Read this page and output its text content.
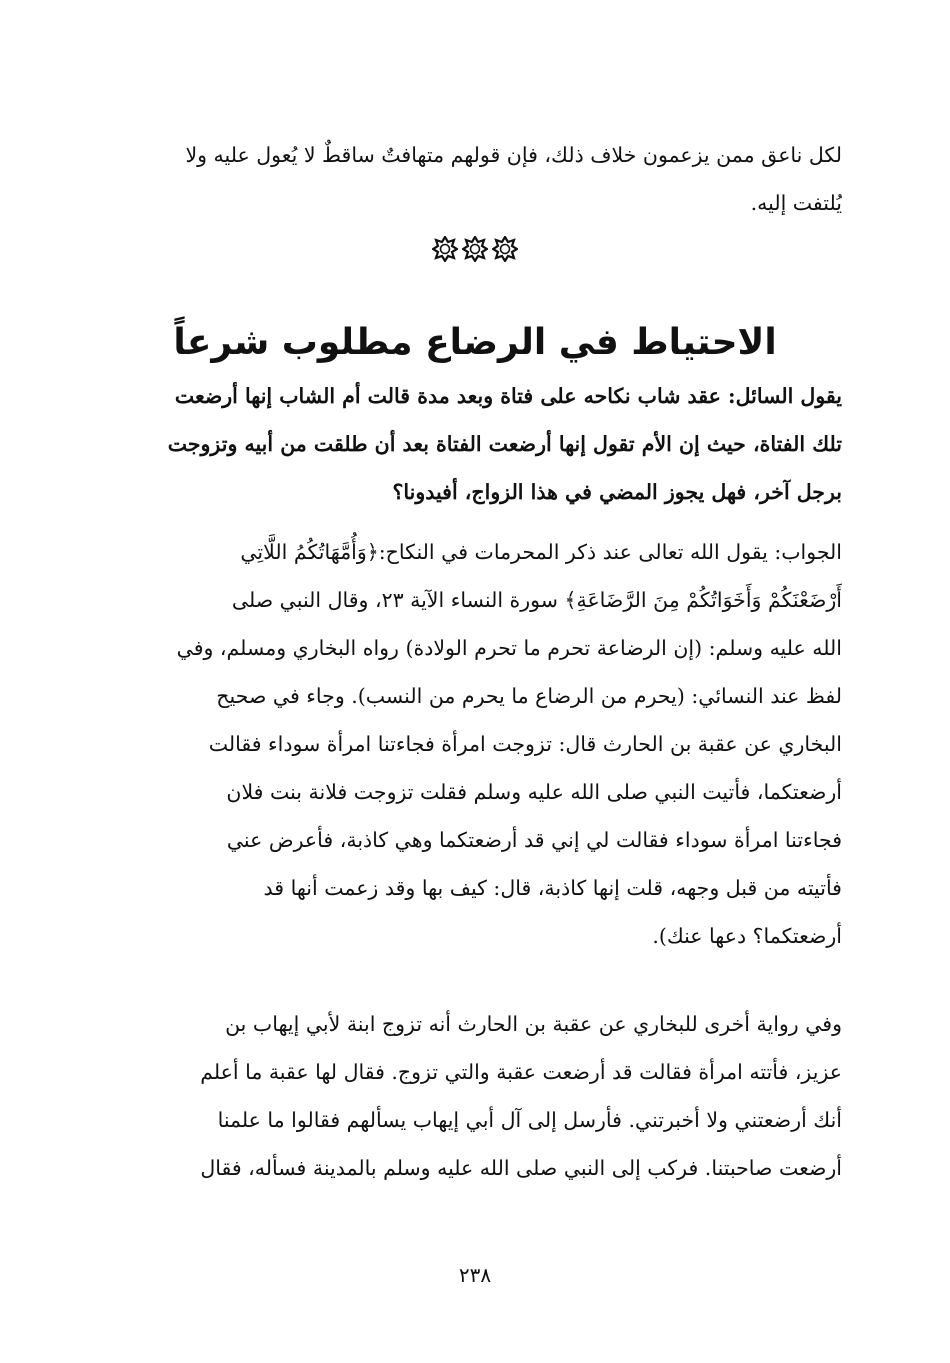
لكل ناعق ممن يزعمون خلاف ذلك، فإن قولهم متهافتٌ ساقطٌ لا يُعول عليه ولا
يُلتفت إليه.
الاحتياط في الرضاع مطلوب شرعاً
يقول السائل: عقد شاب نكاحه على فتاة وبعد مدة قالت أم الشاب إنها أرضعت
تلك الفتاة، حيث إن الأم تقول إنها أرضعت الفتاة بعد أن طلقت من أبيه وتزوجت
برجل آخر، فهل يجوز المضي في هذا الزواج، أفيدونا؟
الجواب: يقول الله تعالى عند ذكر المحرمات في النكاح:﴿وَأُمَّهَاتُكُمُ اللَّاتِي
أَرْضَعْنَكُمْ وَأَخَوَاتُكُمْ مِنَ الرَّضَاعَةِ﴾ سورة النساء الآية ٢٣، وقال النبي صلى
الله عليه وسلم: (إن الرضاعة تحرم ما تحرم الولادة) رواه البخاري ومسلم، وفي
لفظ عند النسائي: (يحرم من الرضاع ما يحرم من النسب). وجاء في صحيح
البخاري عن عقبة بن الحارث قال: تزوجت امرأة فجاءتنا امرأة سوداء فقالت
أرضعتكما، فأتيت النبي صلى الله عليه وسلم فقلت تزوجت فلانة بنت فلان
فجاءتنا امرأة سوداء فقالت لي إني قد أرضعتكما وهي كاذبة، فأعرض عني
فأتيته من قبل وجهه، قلت إنها كاذبة، قال: كيف بها وقد زعمت أنها قد
أرضعتكما؟ دعها عنك).
وفي رواية أخرى للبخاري عن عقبة بن الحارث أنه تزوج ابنة لأبي إيهاب بن
عزيز، فأتته امرأة فقالت قد أرضعت عقبة والتي تزوج. فقال لها عقبة ما أعلم
أنك أرضعتني ولا أخبرتني. فأرسل إلى آل أبي إيهاب يسألهم فقالوا ما علمنا
أرضعت صاحبتنا. فركب إلى النبي صلى الله عليه وسلم بالمدينة فسأله، فقال
٢٣٨
